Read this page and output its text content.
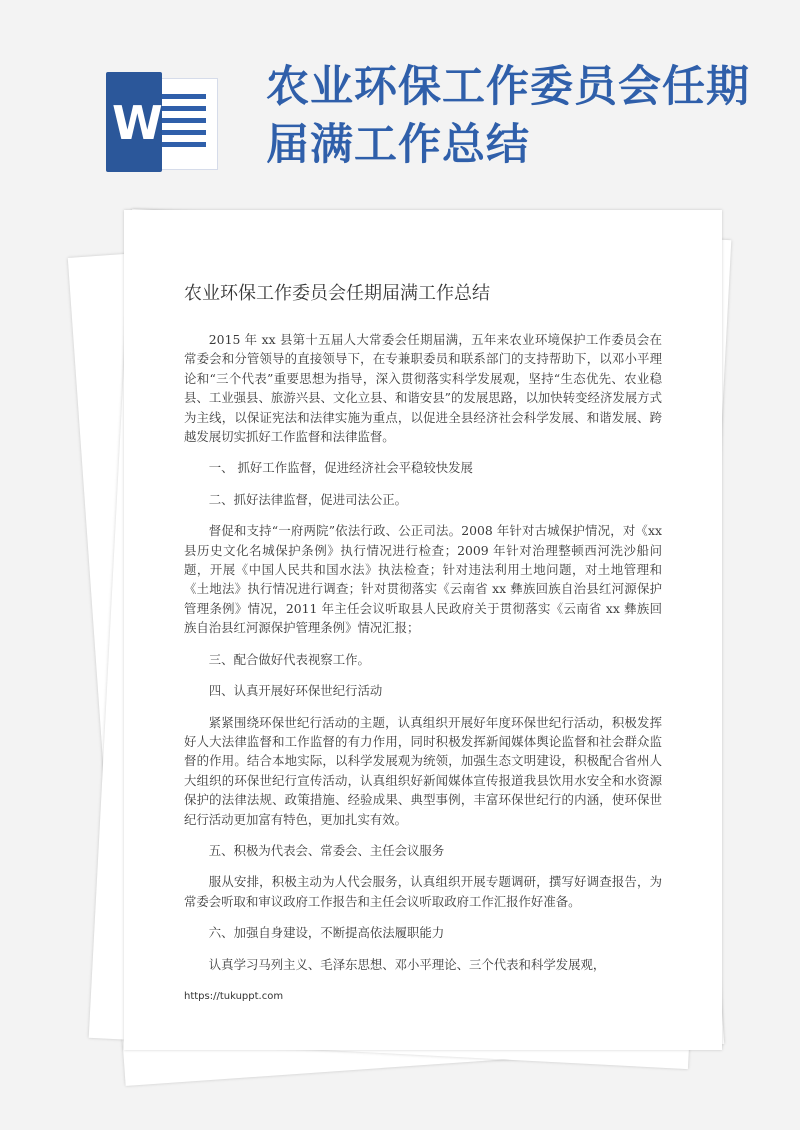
W
农业环保工作委员会任期届满工作总结
农业环保工作委员会任期届满工作总结

2015 年 xx 县第十五届人大常委会任期届满，五年来农业环境保护工作委员会在常委会和分管领导的直接领导下，在专兼职委员和联系部门的支持帮助下，以邓小平理论和“三个代表”重要思想为指导，深入贯彻落实科学发展观，坚持“生态优先、农业稳县、工业强县、旅游兴县、文化立县、和谐安县”的发展思路，以加快转变经济发展方式为主线，以保证宪法和法律实施为重点，以促进全县经济社会科学发展、和谐发展、跨越发展切实抓好工作监督和法律监督。

一、 抓好工作监督，促进经济社会平稳较快发展

二、抓好法律监督，促进司法公正。

督促和支持“一府两院”依法行政、公正司法。2008 年针对古城保护情况，对《xx 县历史文化名城保护条例》执行情况进行检查；2009 年针对治理整顿西河洗沙船问题，开展《中国人民共和国水法》执法检查；针对违法利用土地问题，对土地管理和《土地法》执行情况进行调查；针对贯彻落实《云南省 xx 彝族回族自治县红河源保护管理条例》情况，2011 年主任会议听取县人民政府关于贯彻落实《云南省 xx 彝族回族自治县红河源保护管理条例》情况汇报；

三、配合做好代表视察工作。

四、认真开展好环保世纪行活动

紧紧围绕环保世纪行活动的主题，认真组织开展好年度环保世纪行活动，积极发挥好人大法律监督和工作监督的有力作用，同时积极发挥新闻媒体舆论监督和社会群众监督的作用。结合本地实际，以科学发展观为统领，加强生态文明建设，积极配合省州人大组织的环保世纪行宣传活动，认真组织好新闻媒体宣传报道我县饮用水安全和水资源保护的法律法规、政策措施、经验成果、典型事例，丰富环保世纪行的内涵，使环保世纪行活动更加富有特色，更加扎实有效。

五、积极为代表会、常委会、主任会议服务

服从安排，积极主动为人代会服务，认真组织开展专题调研，撰写好调查报告，为常委会听取和审议政府工作报告和主任会议听取政府工作汇报作好准备。

六、加强自身建设，不断提高依法履职能力

认真学习马列主义、毛泽东思想、邓小平理论、三个代表和科学发展观，

https://tukuppt.com
